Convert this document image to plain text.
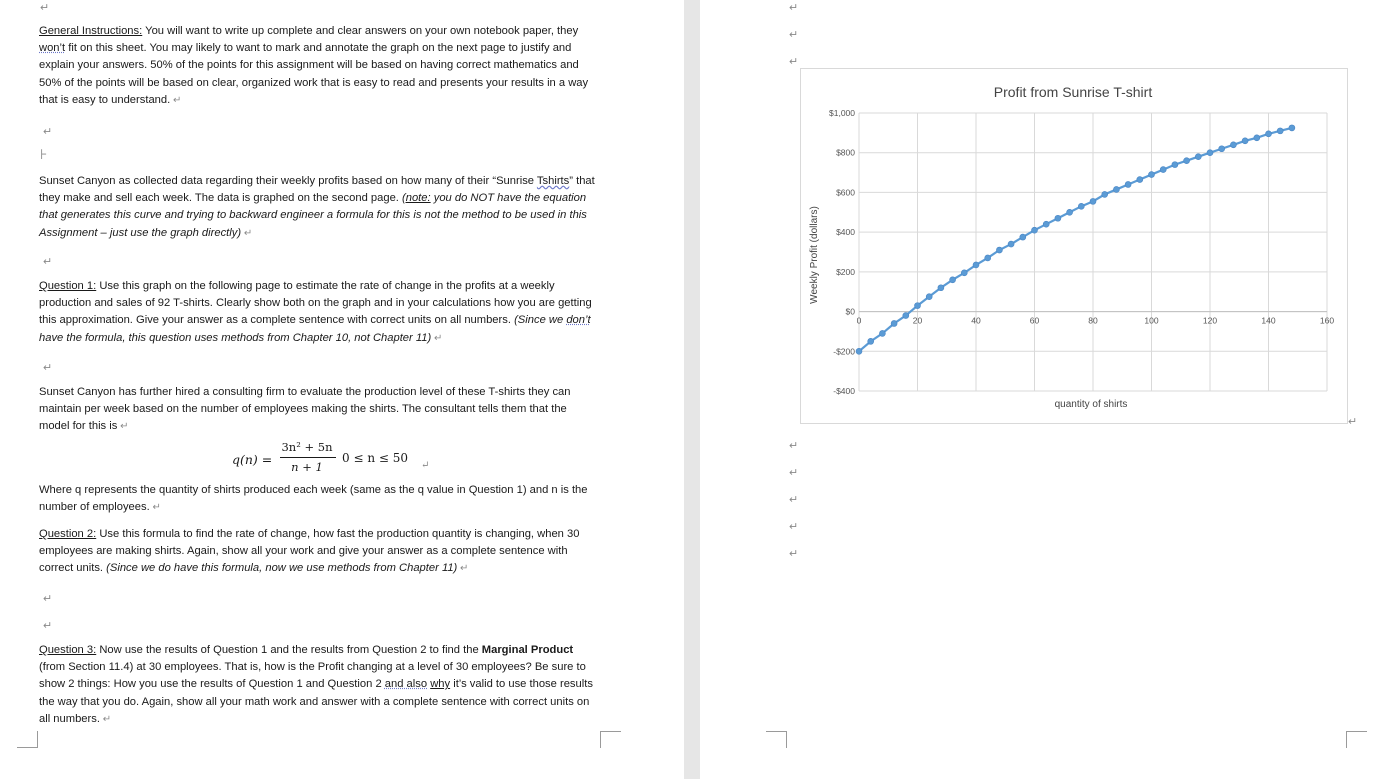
↵
General Instructions: You will want to write up complete and clear answers on your own notebook paper, they won’t fit on this sheet. You may likely to want to mark and annotate the graph on the next page to justify and explain your answers. 50% of the points for this assignment will be based on having correct mathematics and 50% of the points will be based on clear, organized work that is easy to read and presents your results in a way that is easy to understand. ↵
↵
⊦
Sunset Canyon as collected data regarding their weekly profits based on how many of their “Sunrise Tshirts” that they make and sell each week. The data is graphed on the second page. (note: you do NOT have the equation that generates this curve and trying to backward engineer a formula for this is not the method to be used in this Assignment – just use the graph directly) ↵
↵
Question 1: Use this graph on the following page to estimate the rate of change in the profits at a weekly production and sales of 92 T-shirts. Clearly show both on the graph and in your calculations how you are getting this approximation. Give your answer as a complete sentence with correct units on all numbers. (Since we don’t have the formula, this question uses methods from Chapter 10, not Chapter 11) ↵
↵
Sunset Canyon has further hired a consulting firm to evaluate the production level of these T-shirts they can maintain per week based on the number of employees making the shirts. The consultant tells them that the model for this is ↵
q(n) =
3n² + 5n
n + 1
0 ≤ n ≤ 50
↵
Where q represents the quantity of shirts produced each week (same as the q value in Question 1) and n is the number of employees. ↵
Question 2: Use this formula to find the rate of change, how fast the production quantity is changing, when 30 employees are making shirts. Again, show all your work and give your answer as a complete sentence with correct units. (Since we do have this formula, now we use methods from Chapter 11) ↵
↵
↵
Question 3: Now use the results of Question 1 and the results from Question 2 to find the Marginal Product (from Section 11.4) at 30 employees. That is, how is the Profit changing at a level of 30 employees? Be sure to show 2 things: How you use the results of Question 1 and Question 2 and also why it’s valid to use those results the way that you do. Again, show all your math work and answer with a complete sentence with correct units on all numbers. ↵
↵
↵
↵
↵
↵
↵
↵
↵
↵
Profit from Sunrise T-shirt
quantity of shirts
Weekly Profit (dollars)
$1,000
$800
$600
$400
$200
$0
-$200
-$400
0	20	40	60	80	100	120	140	160
